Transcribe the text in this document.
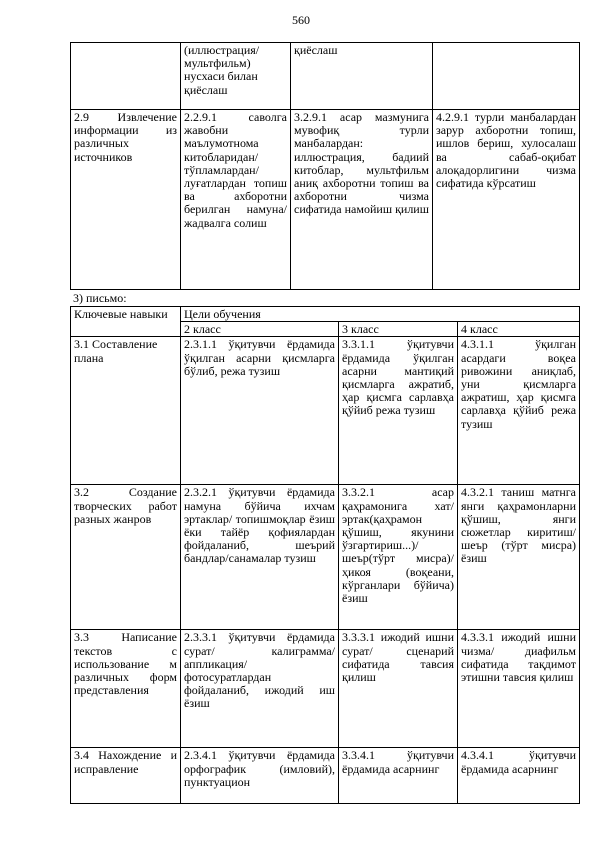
560
	(иллюстрация/
мультфильм)
нусхаси билан
қиёслаш	қиёслаш	
2.9 Извлечение информации из различных источников	2.2.9.1 саволга жавобни маълумотнома китобларидан/ тўпламлардан/ луғатлардан топиш ва ахборотни берилган намуна/ жадвалга солиш	3.2.9.1 асар мазмунига мувофиқ турли манбалардан: иллюстрация, бадиий китоблар, мультфильм аниқ ахборотни топиш ва ахборотни чизма сифатида намойиш қилиш	4.2.9.1 турли манбалардан зарур ахборотни топиш, ишлов бериш, хулосалаш ва сабаб-оқибат алоқадорлигини чизма сифатида кўрсатиш
3) письмо:
Ключевые навыки	Цели обучения		
	2 класс	3 класс	4 класс
3.1 Составление плана	2.3.1.1 ўқитувчи ёрдамида ўқилган асарни қисмларга бўлиб, режа тузиш	3.3.1.1 ўқитувчи ёрдамида ўқилган асарни мантиқий қисмларга ажратиб, ҳар қисмга сарлавҳа қўйиб режа тузиш	4.3.1.1 ўқилган асардаги воқеа ривожини аниқлаб, уни қисмларга ажратиш, ҳар қисмга сарлавҳа қўйиб режа тузиш
3.2 Создание творческих работ разных жанров	2.3.2.1 ўқитувчи ёрдамида намуна бўйича ихчам эртаклар/ топишмоқлар ёзиш ёки тайёр қофиялардан фойдаланиб, шеърий бандлар/санамалар тузиш	3.3.2.1 асар қаҳрамонига хат/ эртак(қаҳрамон қўшиш, якунини ўзгартириш...)/ шеър(тўрт мисра)/ ҳикоя (воқеани, кўрганлари бўйича) ёзиш	4.3.2.1 таниш матнга янги қаҳрамонларни қўшиш, янги сюжетлар киритиш/шеър (тўрт мисра) ёзиш
3.3 Написание текстов с использование м различных форм представления	2.3.3.1 ўқитувчи ёрдамида сурат/ калиграмма/ аппликация/ фотосуратлардан фойдаланиб, ижодий иш ёзиш	3.3.3.1 ижодий ишни сурат/ сценарий сифатида тавсия қилиш	4.3.3.1 ижодий ишни чизма/ диафильм сифатида тақдимот этишни тавсия қилиш
3.4 Нахождение и исправление	2.3.4.1 ўқитувчи ёрдамида орфографик (имловий), пунктуацион	3.3.4.1 ўқитувчи ёрдамида асарнинг	4.3.4.1 ўқитувчи ёрдамида асарнинг
